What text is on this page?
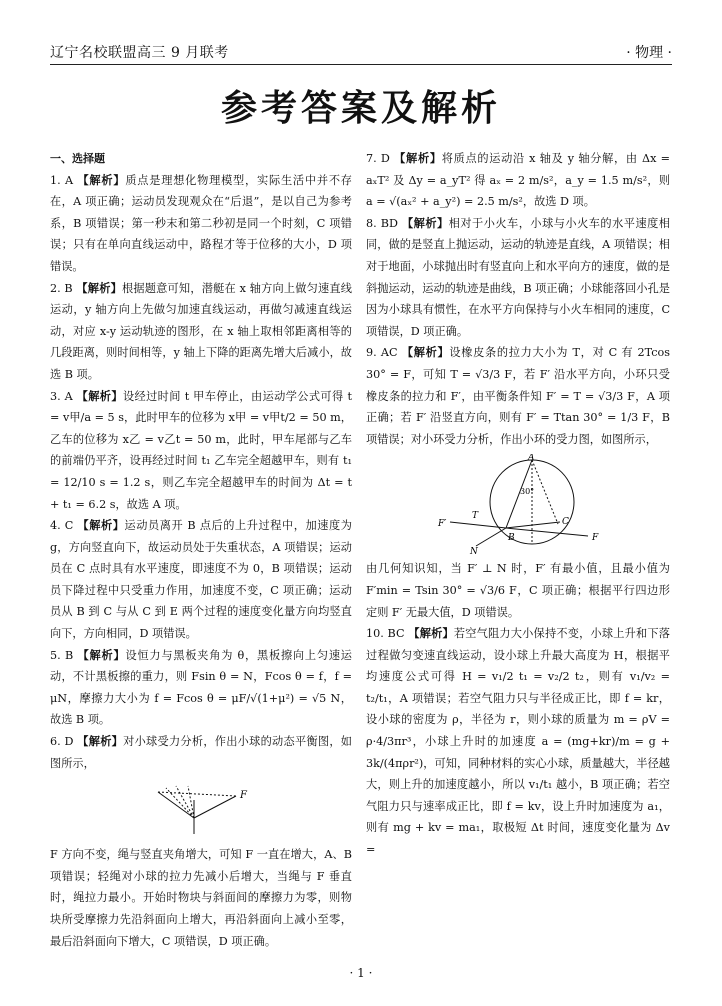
辽宁名校联盟高三 9 月联考	· 物理 ·
参考答案及解析
一、选择题

1. A 【解析】质点是理想化物理模型，实际生活中并不存在，A 项正确；运动员发现观众在“后退”，是以自己为参考系，B 项错误；第一秒末和第二秒初是同一个时刻，C 项错误；只有在单向直线运动中，路程才等于位移的大小，D 项错误。

2. B 【解析】根据题意可知，潜艇在 x 轴方向上做匀速直线运动，y 轴方向上先做匀加速直线运动，再做匀减速直线运动，对应 x-y 运动轨迹的图形，在 x 轴上取相邻距离相等的几段距离，则时间相等，y 轴上下降的距离先增大后减小，故选 B 项。

3. A 【解析】设经过时间 t 甲车停止，由运动学公式可得 t = v甲/a = 5 s，此时甲车的位移为 x甲 = v甲t/2 = 50 m，乙车的位移为 x乙 = v乙t = 50 m，此时，甲车尾部与乙车的前端仍平齐，设再经过时间 t₁ 乙车完全超越甲车，则有 t₁ = 12/10 s = 1.2 s，则乙车完全超越甲车的时间为 Δt = t + t₁ = 6.2 s，故选 A 项。

4. C 【解析】运动员离开 B 点后的上升过程中，加速度为 g，方向竖直向下，故运动员处于失重状态，A 项错误；运动员在 C 点时具有水平速度，即速度不为 0，B 项错误；运动员下降过程中只受重力作用，加速度不变，C 项正确；运动员从 B 到 C 与从 C 到 E 两个过程的速度变化量方向均竖直向下，方向相同，D 项错误。

5. B 【解析】设恒力与黑板夹角为 θ，黑板擦向上匀速运动，不计黑板擦的重力，则 Fsin θ = N，Fcos θ = f，f = μN，摩擦力大小为 f = Fcos θ = μF/√(1+μ²) = √5 N，故选 B 项。

6. D 【解析】对小球受力分析，作出小球的动态平衡图，如图所示，

F

F 方向不变，绳与竖直夹角增大，可知 F 一直在增大，A、B 项错误；轻绳对小球的拉力先减小后增大，当绳与 F 垂直时，绳拉力最小。开始时物块与斜面间的摩擦力为零，则物块所受摩擦力先沿斜面向上增大，再沿斜面向上减小至零，最后沿斜面向下增大，C 项错误，D 项正确。

7. D 【解析】将质点的运动沿 x 轴及 y 轴分解，由 Δx = aₓT² 及 Δy = a_yT² 得 aₓ = 2 m/s²，a_y = 1.5 m/s²，则 a = √(aₓ² + a_y²) = 2.5 m/s²，故选 D 项。

8. BD 【解析】相对于小火车，小球与小火车的水平速度相同，做的是竖直上抛运动，运动的轨迹是直线，A 项错误；相对于地面，小球抛出时有竖直向上和水平向方的速度，做的是斜抛运动，运动的轨迹是曲线，B 项正确；小球能落回小孔是因为小球具有惯性，在水平方向保持与小火车相同的速度，C 项错误，D 项正确。

9. AC 【解析】设橡皮条的拉力大小为 T，对 C 有 2Tcos 30° = F，可知 T = √3/3 F，若 F′ 沿水平方向，小环只受橡皮条的拉力和 F′，由平衡条件知 F′ = T = √3/3 F，A 项正确；若 F′ 沿竖直方向，则有 F′ = Ttan 30° = 1/3 F，B 项错误；对小环受力分析，作出小环的受力图，如图所示，

A
B
C
30°
T
N
F′
F

由几何知识知，当 F′ ⊥ N 时，F′ 有最小值，且最小值为 F′min = Tsin 30° = √3/6 F，C 项正确；根据平行四边形定则 F′ 无最大值，D 项错误。

10. BC 【解析】若空气阻力大小保持不变，小球上升和下落过程做匀变速直线运动，设小球上升最大高度为 H，根据平均速度公式可得 H = v₁/2 t₁ = v₂/2 t₂，则有 v₁/v₂ = t₂/t₁，A 项错误；若空气阻力只与半径成正比，即 f = kr，设小球的密度为 ρ，半径为 r，则小球的质量为 m = ρV = ρ·4/3πr³，小球上升时的加速度 a = (mg+kr)/m = g + 3k/(4πρr²)，可知，同种材料的实心小球，质量越大，半径越大，则上升的加速度越小，所以 v₁/t₁ 越小，B 项正确；若空气阻力只与速率成正比，即 f = kv，设上升时加速度为 a₁，则有 mg + kv = ma₁，取极短 Δt 时间，速度变化量为 Δv =

· 1 ·
